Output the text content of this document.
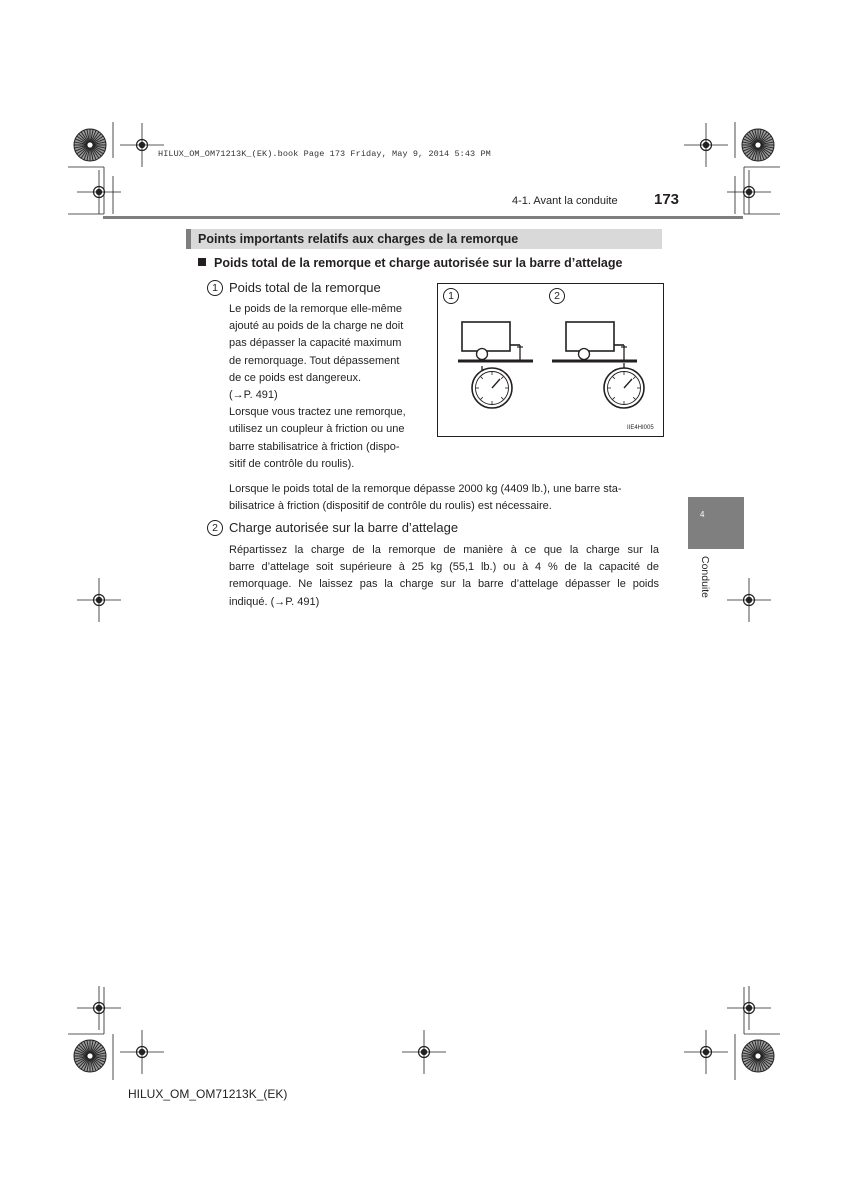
HILUX_OM_OM71213K_(EK).book Page 173 Friday, May 9, 2014 5:43 PM
4-1. Avant la conduite 173
Points importants relatifs aux charges de la remorque
Poids total de la remorque et charge autorisée sur la barre d’attelage
1 Poids total de la remorque
Le poids de la remorque elle-même
ajouté au poids de la charge ne doit
pas dépasser la capacité maximum
de remorquage. Tout dépassement
de ce poids est dangereux.
(→P. 491)
Lorsque vous tractez une remorque,
utilisez un coupleur à friction ou une
barre stabilisatrice à friction (dispo-
sitif de contrôle du roulis).
Lorsque le poids total de la remorque dépasse 2000 kg (4409 lb.), une barre sta-
bilisatrice à friction (dispositif de contrôle du roulis) est nécessaire.
1	2
IIE4HI005
2 Charge autorisée sur la barre d’attelage
Répartissez la charge de la remorque de manière à ce que la charge sur la
barre d’attelage soit supérieure à 25 kg (55,1 lb.) ou à 4 % de la capacité de
remorquage. Ne laissez pas la charge sur la barre d’attelage dépasser le poids
indiqué. (→P. 491)
4
Conduite
HILUX_OM_OM71213K_(EK)
